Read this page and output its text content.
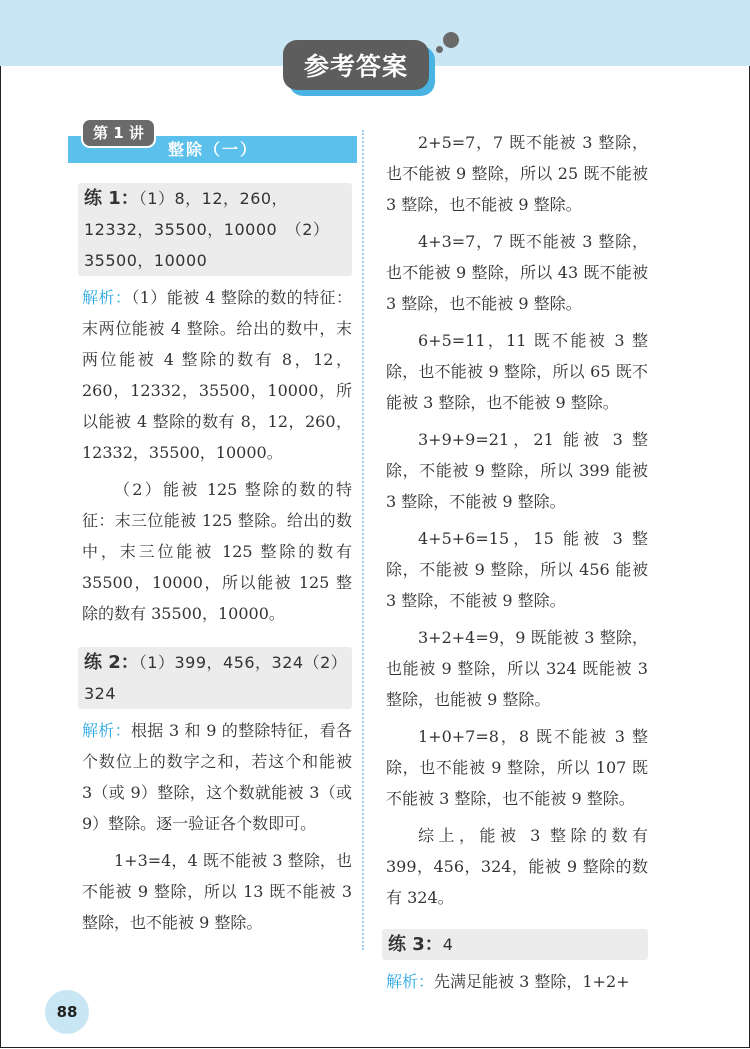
参考答案
整除（一）
第 1 讲
练 1：（1）8，12，260，12332，35500，10000　（2）35500，10000

解析：（1）能被 4 整除的数的特征：末两位能被 4 整除。给出的数中，末两位能被 4 整除的数有 8，12，260，12332，35500，10000，所以能被 4 整除的数有 8，12，260，12332，35500，10000。

（2）能被 125 整除的数的特征：末三位能被 125 整除。给出的数中，末三位能被 125 整除的数有 35500，10000，所以能被 125 整除的数有 35500，10000。

练 2：（1）399，456，324（2）324

解析：根据 3 和 9 的整除特征，看各个数位上的数字之和，若这个和能被 3（或 9）整除，这个数就能被 3（或 9）整除。逐一验证各个数即可。

1+3=4，4 既不能被 3 整除，也不能被 9 整除，所以 13 既不能被 3 整除，也不能被 9 整除。

2+5=7，7 既不能被 3 整除，也不能被 9 整除，所以 25 既不能被 3 整除，也不能被 9 整除。

4+3=7，7 既不能被 3 整除，也不能被 9 整除，所以 43 既不能被 3 整除，也不能被 9 整除。

6+5=11，11 既不能被 3 整除，也不能被 9 整除，所以 65 既不能被 3 整除，也不能被 9 整除。

3+9+9=21，21 能被 3 整除，不能被 9 整除，所以 399 能被 3 整除，不能被 9 整除。

4+5+6=15，15 能被 3 整除，不能被 9 整除，所以 456 能被 3 整除，不能被 9 整除。

3+2+4=9，9 既能被 3 整除，也能被 9 整除，所以 324 既能被 3 整除，也能被 9 整除。

1+0+7=8，8 既不能被 3 整除，也不能被 9 整除，所以 107 既不能被 3 整除，也不能被 9 整除。

综上，能被 3 整除的数有 399，456，324，能被 9 整除的数有 324。

练 3：4

解析：先满足能被 3 整除，1+2+

88
